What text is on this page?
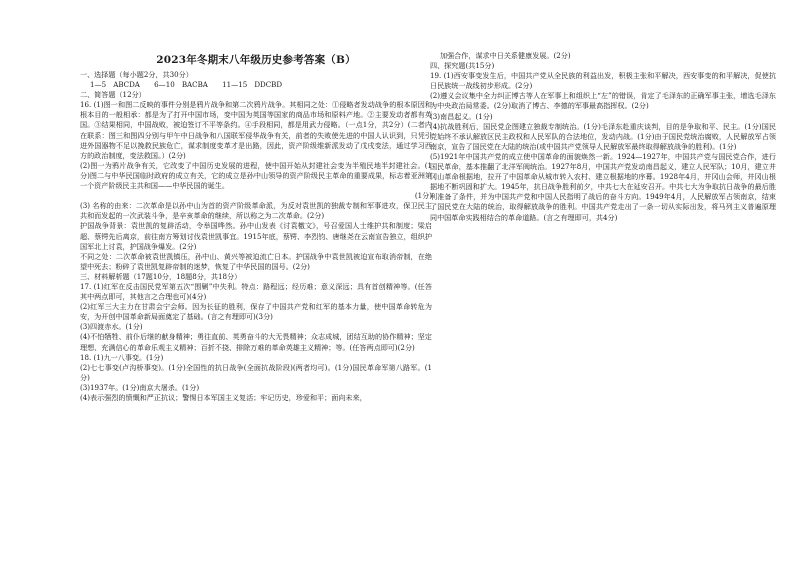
2023年冬期末八年级历史参考答案（B）

一、选择题（每小题2分，共30分）

1—5　ABCDA　　6—10　BACBA　　11—15　DDCBD

二、简答题（12分）

16. (1)图一和图二反映的事件分别是鸦片战争和第二次鸦片战争。其相同之处：①侵略者发动战争的根本原因和根本目的一般相承：都是为了打开中国市场，变中国为英国等国家的商品市场和原料产地。②主要发动者都有英国。③结果相同，中国战败，被迫签订不平等条约。④手段相同，都是用武力侵略。（一点1分，共2分）(二者内在联系：图三和图四分别与甲午中日战争和八国联军侵华战争有关，前者的失败使先进的中国人认识到，只凭引进外国器物不足以挽救民族危亡，谋求制度变革才是出路，因此，资产阶级维新派发动了戊戌变法，通过学习西方的政治制度，变法救国。）(2分)

(2)图一为鸦片战争有关，它改变了中国历史发展的进程，使中国开始从封建社会变为半殖民地半封建社会。(1分)图二与中华民国临时政府的成立有关，它的成立是孙中山领导的资产阶级民主革命的重要成果，标志着亚洲第一个资产阶级民主共和国——中华民国的诞生。

(1分)

(3) 名称的由来：二次革命是以孙中山为首的资产阶级革命派，为反对袁世凯的独裁专制和军事进攻，保卫民主共和而发起的一次武装斗争，是辛亥革命的继续，所以称之为二次革命。(2分)

护国战争背景：袁世凯的复辟活动，令举国哗然。孙中山发表《讨袁檄文》，号召爱国人士维护共和制度；梁启超、蔡锷先后离京，前往南方筹划讨伐袁世凯事宜。1915年底，蔡锷、李烈钧、唐继尧在云南宣告独立，组织护国军北上讨袁，护国战争爆发。(2分)

不同之处：二次革命被袁世凯镇压，孙中山、黄兴等被迫流亡日本。护国战争中袁世凯被迫宣布取消帝制，在绝望中死去；粉碎了袁世凯复辟帝制的迷梦，恢复了中华民国的国号。(2分)

三、材料解析题（17题10分，18题8分，共18分）

17. (1)红军在反击国民党军第五次“围剿”中失利。特点：路程远；经历难；意义深远；具有首创精神等。(任答其中两点即可，其他言之合理也可)(4分)

(2)红军三大主力在甘肃会宁会师。因为长征的胜利，保存了中国共产党和红军的基本力量，使中国革命转危为安，为开创中国革命新局面奠定了基础。(言之有理即可)(3分)

(3)四渡赤水。(1分)

(4)不怕牺牲、前仆后继的献身精神；勇往直前、英勇奋斗的大无畏精神；众志成城，团结互助的协作精神；坚定理想、充满信心的革命乐观主义精神；百折不挠、排除万难的革命英雄主义精神；等。(任答两点即可)(2分)

18. (1)九一八事变。(1分)

(2)七七事变(卢沟桥事变)。(1分)全国性的抗日战争(全面抗战阶段)(两者均可)。(1分)国民革命军第八路军。(1分)

(3)1937年。(1分)南京大屠杀。(1分)

(4)表示强烈的愤慨和严正抗议；警惕日本军国主义复活；牢记历史，珍爱和平；面向未来，

加强合作，谋求中日关系健康发展。(2分)

四、探究题(共15分)

19. (1)西安事变发生后，中国共产党从全民族的利益出发，积极主张和平解决，西安事变的和平解决，促使抗日民族统一战线初步形成。(2分)

(2)遵义会议集中全力纠正博古等人在军事上和组织上“左”的错误，肯定了毛泽东的正确军事主张，增选毛泽东为中央政治局常委。(2分)取消了博古、李德的军事最高指挥权。(2分)

(3)南昌起义。(1分)

(4)抗战胜利后，国民党企图建立独裁专制统治。(1分)毛泽东赴重庆谈判，目的是争取和平、民主。(1分)国民党始终不承认解放区民主政权和人民军队的合法地位，发动内战。(1分)由于国民党统治腐败，人民解放军占领南京，宣告了国民党在大陆的统治(或中国共产党领导人民解放军最终取得解放战争的胜利)。(1分)

(5)1921年中国共产党的成立使中国革命的面貌焕然一新。1924—1927年，中国共产党与国民党合作，进行国民革命，基本推翻了北洋军阀统治。1927年8月，中国共产党发动南昌起义，建立人民军队；10月，建立井冈山革命根据地，拉开了中国革命从城市转入农村、建立根据地的序幕。1928年4月，井冈山会师，井冈山根据地不断巩固和扩大。1945年，抗日战争胜利前夕，中共七大在延安召开。中共七大为争取抗日战争的最后胜利准备了条件，并为中国共产党和中国人民指明了战后的奋斗方向。1949年4月，人民解放军占领南京，结束了国民党在大陆的统治，取得解放战争的胜利。中国共产党走出了一条一切从实际出发，将马列主义普遍原理同中国革命实践相结合的革命道路。(言之有理即可，共4分)
